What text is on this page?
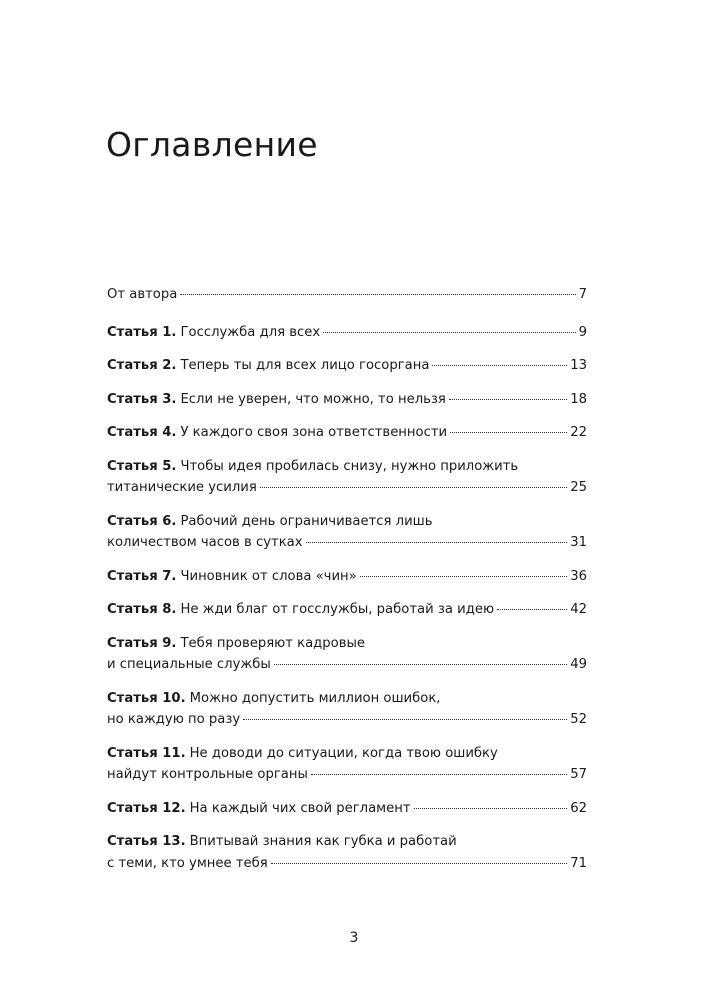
Оглавление
От автора	7
Статья 1. Госслужба для всех	9
Статья 2. Теперь ты для всех лицо госоргана	13
Статья 3. Если не уверен, что можно, то нельзя	18
Статья 4. У каждого своя зона ответственности	22
Статья 5. Чтобы идея пробилась снизу, нужно приложить
титанические усилия	25
Статья 6. Рабочий день ограничивается лишь
количеством часов в сутках	31
Статья 7. Чиновник от слова «чин»	36
Статья 8. Не жди благ от госслужбы, работай за идею	42
Статья 9. Тебя проверяют кадровые
и специальные службы	49
Статья 10. Можно допустить миллион ошибок,
но каждую по разу	52
Статья 11. Не доводи до ситуации, когда твою ошибку
найдут контрольные органы	57
Статья 12. На каждый чих свой регламент	62
Статья 13. Впитывай знания как губка и работай
с теми, кто умнее тебя	71
3
